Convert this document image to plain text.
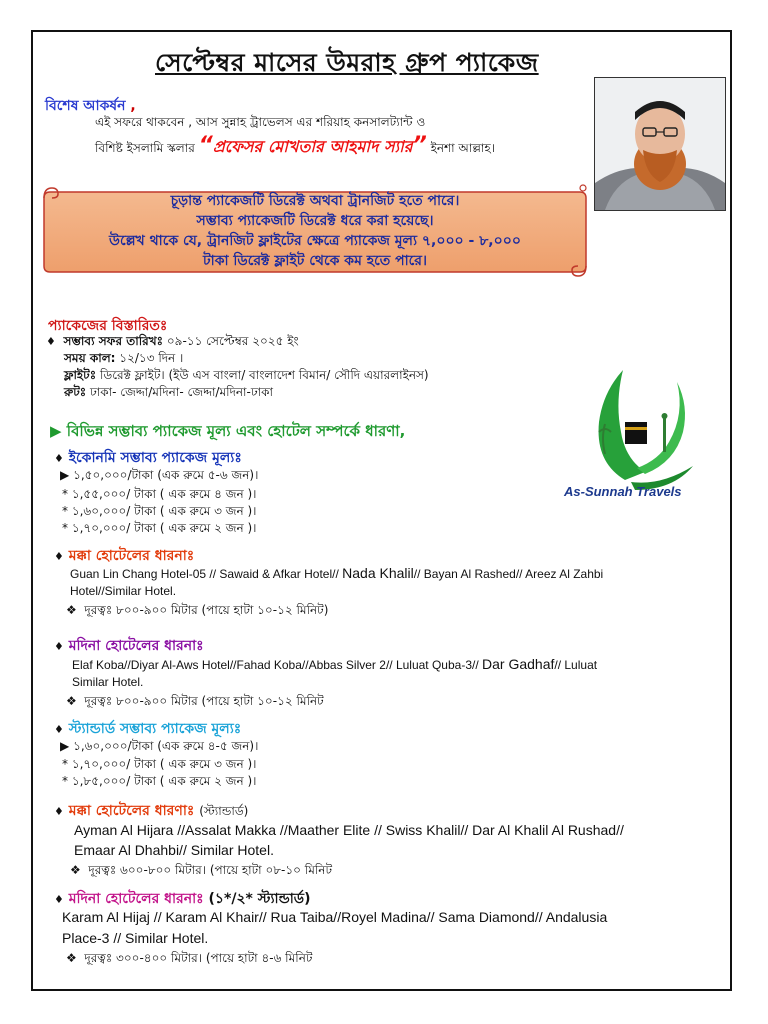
সেপ্টেম্বর মাসের উমরাহ গ্রুপ প্যাকেজ
বিশেষ আকর্ষন ,
এই সফরে থাকবেন , আস সুন্নাহ ট্রাভেলস এর শরিয়াহ কনসালট্যান্ট ও
বিশিষ্ট ইসলামি স্কলার “প্রফেসর মোখতার আহমাদ স্যার” ইনশা আল্লাহ।
চূড়ান্ত প্যাকেজটি ডিরেক্ট অথবা ট্রানজিট হতে পারে।
সম্ভাব্য প্যাকেজটি ডিরেক্ট ধরে করা হয়েছে।
উল্লেখ থাকে যে, ট্রানজিট ফ্লাইটের ক্ষেত্রে প্যাকেজ মূল্য ৭,০০০ - ৮,০০০
টাকা ডিরেক্ট ফ্লাইট থেকে কম হতে পারে।
প্যাকেজের বিস্তারিতঃ
♦ সম্ভাব্য সফর তারিখঃ ০৯-১১ সেপ্টেম্বর ২০২৫ ইং
সময় কাল: ১২/১৩ দিন ।
ফ্লাইটঃ ডিরেক্ট ফ্লাইট। (ইউ এস বাংলা/ বাংলাদেশ বিমান/ সৌদি এয়ারলাইনস)
রুটঃ ঢাকা- জেদ্দা/মদিনা- জেদ্দা/মদিনা-ঢাকা
▶ বিভিন্ন সম্ভাব্য প্যাকেজ মূল্য এবং হোটেল সম্পর্কে ধারণা,
♦ ইকোনমি সম্ভাব্য প্যাকেজ মূল্যঃ
▶ ১,৫০,০০০/টাকা (এক রুমে ৫-৬ জন)।
* ১,৫৫,০০০/ টাকা ( এক রুমে ৪ জন )।
* ১,৬০,০০০/ টাকা ( এক রুমে ৩ জন )।
* ১,৭০,০০০/ টাকা ( এক রুমে ২ জন )।
♦ মক্কা হোটেলের ধারনাঃ
Guan Lin Chang Hotel-05 // Sawaid & Afkar Hotel// Nada Khalil// Bayan Al Rashed// Areez Al Zahbi
Hotel//Similar Hotel.
❖ দূরত্বঃ ৮০০-৯০০ মিটার (পায়ে হাটা ১০-১২ মিনিট)
♦ মদিনা হোটেলের ধারনাঃ
Elaf Koba//Diyar Al-Aws Hotel//Fahad Koba//Abbas Silver 2// Luluat Quba-3// Dar Gadhaf// Luluat
Similar Hotel.
❖ দূরত্বঃ ৮০০-৯০০ মিটার (পায়ে হাটা ১০-১২ মিনিট
♦ স্ট্যান্ডার্ড সম্ভাব্য প্যাকেজ মূল্যঃ
▶ ১,৬০,০০০/টাকা (এক রুমে ৪-৫ জন)।
* ১,৭০,০০০/ টাকা ( এক রুমে ৩ জন )।
* ১,৮৫,০০০/ টাকা ( এক রুমে ২ জন )।
♦ মক্কা হোটেলের ধারণাঃ (স্ট্যান্ডার্ড)
Ayman Al Hijara //Assalat Makka //Maather Elite // Swiss Khalil// Dar Al Khalil Al Rushad//
Emaar Al Dhahbi// Similar Hotel.
❖ দূরত্বঃ ৬০০-৮০০ মিটার। (পায়ে হাটা ০৮-১০ মিনিট
♦ মদিনা হোটেলের ধারনাঃ (১*/২* স্ট্যান্ডার্ড)
Karam Al Hijaj // Karam Al Khair// Rua Taiba//Royel Madina// Sama Diamond// Andalusia
Place-3 // Similar Hotel.
❖ দূরত্বঃ ৩০০-৪০০ মিটার। (পায়ে হাটা ৪-৬ মিনিট
As-Sunnah Travels
